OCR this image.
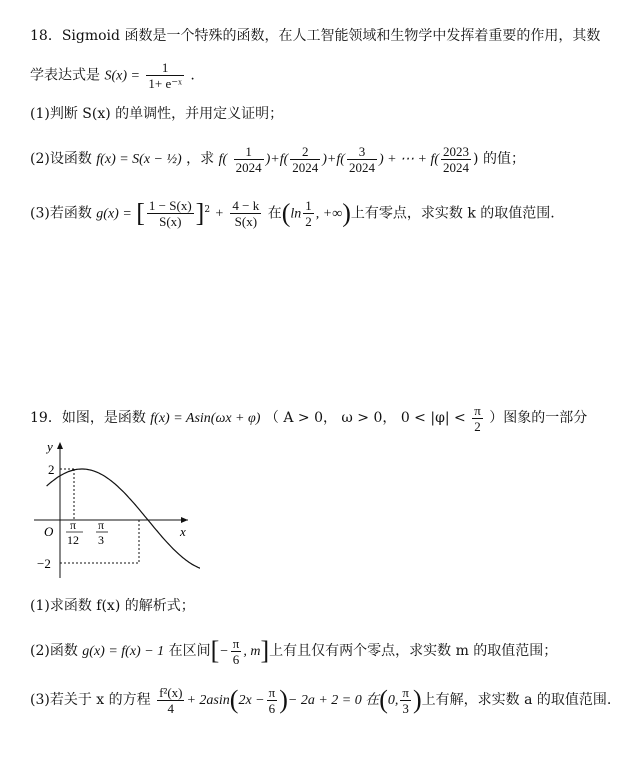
18．Sigmoid 函数是一个特殊的函数，在人工智能领域和生物学中发挥着重要的作用，其数
学表达式是 $S(x) = \frac{1}{\text{1+ e⁻ˣ}}$ .
(1)判断 S(x) 的单调性，并用定义证明；
(2)设函数 f(x) = S(x − ½) ，求 $f( \frac{1}{2024} )+f( \frac{2}{2024} )+f( \frac{3}{2024}$ ) + ⋯ + $f( \frac{2023}{2024}$ ) 的值；
(3)若函数 g(x) = [ $\frac{1 - S(x)}{S(x)} ]^2 + \frac{4 - k}{S(x)}$ 在($\ln \frac{1}{2}$ , +∞)上有零点，求实数 k 的取值范围.
19．如图，是函数 f(x) = Asin(ωx + φ) （ A > 0， ω > 0， $0 < |\varphi| < \frac{\pi}{2}$ ）图象的一部分
y
x
O
2
−2
π
12
π
3
(1)求函数 f(x) 的解析式；
(2)函数 g(x) = f(x) − 1 在区间[− $\frac{\pi}{6}$ , m]上有且仅有两个零点，求实数 m 的取值范围；
(3)若关于 x 的方程 $\frac{\text{f²(x)}}{4} + 2asin(2x - \frac{\pi}{6}$ )− 2a + 2 = 0 在(0, $\frac{\pi}{3}$ )上有解，求实数 a 的取值范围.
